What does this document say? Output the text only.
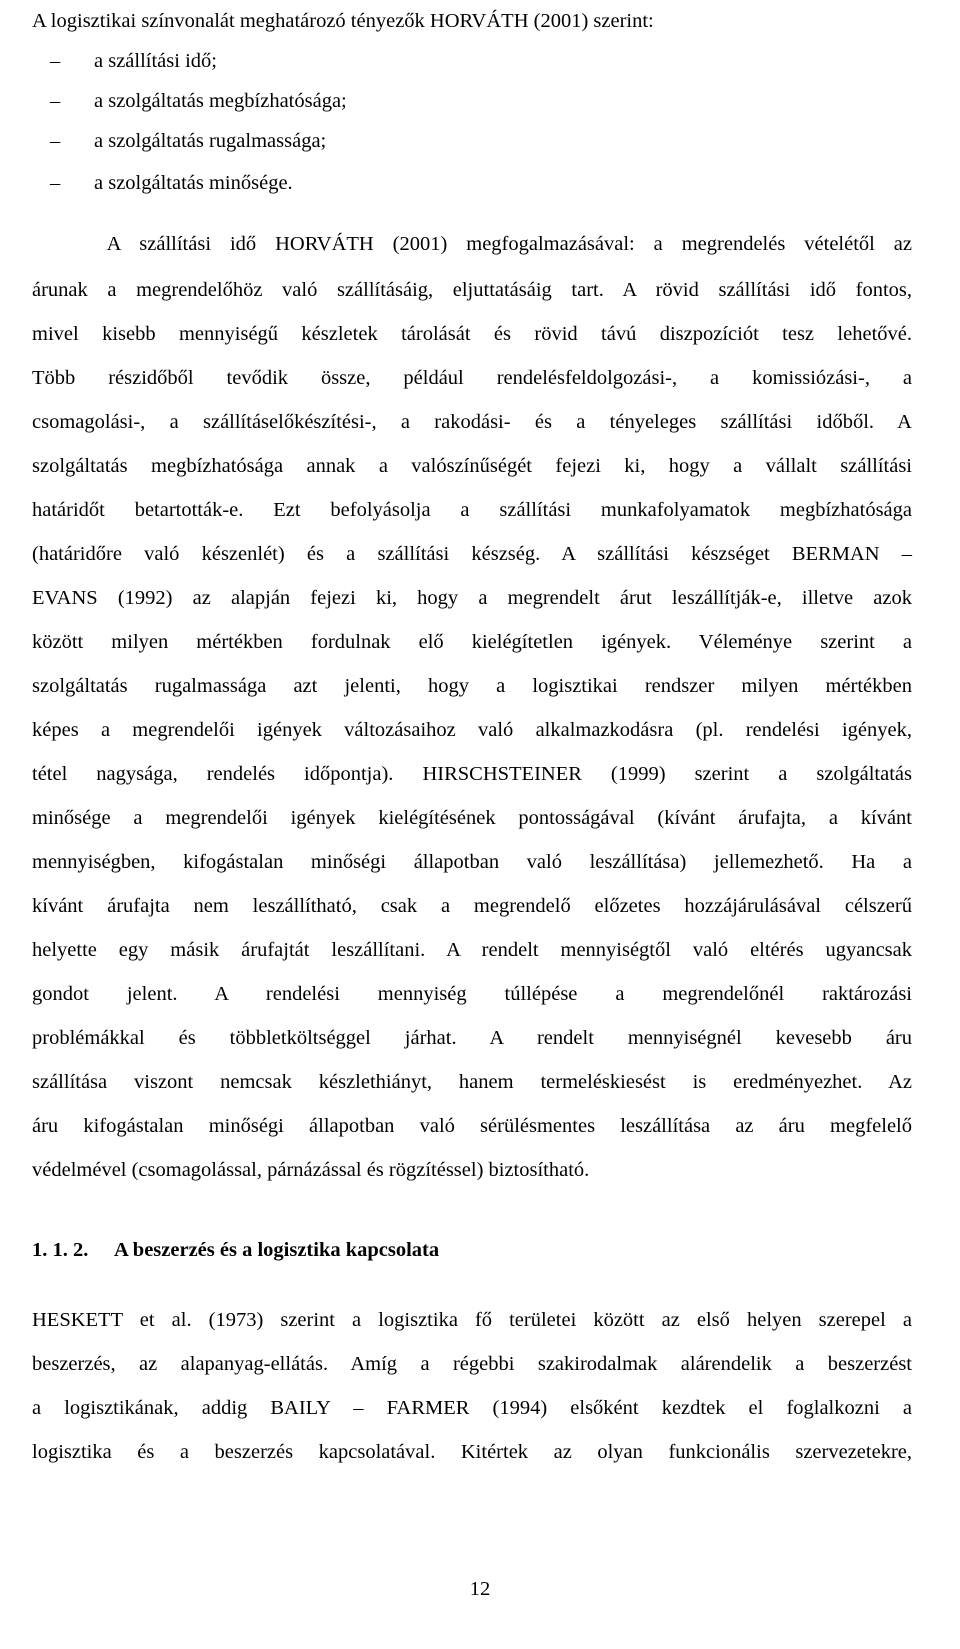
A logisztikai színvonalát meghatározó tényezők HORVÁTH (2001) szerint:
– a szállítási idő;
– a szolgáltatás megbízhatósága;
– a szolgáltatás rugalmassága;
– a szolgáltatás minősége.
A szállítási idő HORVÁTH (2001) megfogalmazásával: a megrendelés vételétől az
árunak a megrendelőhöz való szállításáig, eljuttatásáig tart. A rövid szállítási idő fontos,
mivel kisebb mennyiségű készletek tárolását és rövid távú diszpozíciót tesz lehetővé.
Több részidőből tevődik össze, például rendelésfeldolgozási-, a komissiózási-, a
csomagolási-, a szállításelőkészítési-, a rakodási- és a tényeleges szállítási időből. A
szolgáltatás megbízhatósága annak a valószínűségét fejezi ki, hogy a vállalt szállítási
határidőt betartották-e. Ezt befolyásolja a szállítási munkafolyamatok megbízhatósága
(határidőre való készenlét) és a szállítási készség. A szállítási készséget BERMAN –
EVANS (1992) az alapján fejezi ki, hogy a megrendelt árut leszállítják-e, illetve azok
között milyen mértékben fordulnak elő kielégítetlen igények. Véleménye szerint a
szolgáltatás rugalmassága azt jelenti, hogy a logisztikai rendszer milyen mértékben
képes a megrendelői igények változásaihoz való alkalmazkodásra (pl. rendelési igények,
tétel nagysága, rendelés időpontja). HIRSCHSTEINER (1999) szerint a szolgáltatás
minősége a megrendelői igények kielégítésének pontosságával (kívánt árufajta, a kívánt
mennyiségben, kifogástalan minőségi állapotban való leszállítása) jellemezhető. Ha a
kívánt árufajta nem leszállítható, csak a megrendelő előzetes hozzájárulásával célszerű
helyette egy másik árufajtát leszállítani. A rendelt mennyiségtől való eltérés ugyancsak
gondot jelent. A rendelési mennyiség túllépése a megrendelőnél raktározási
problémákkal és többletköltséggel járhat. A rendelt mennyiségnél kevesebb áru
szállítása viszont nemcsak készlethiányt, hanem termeléskiesést is eredményezhet. Az
áru kifogástalan minőségi állapotban való sérülésmentes leszállítása az áru megfelelő
védelmével (csomagolással, párnázással és rögzítéssel) biztosítható.
1. 1. 2. A beszerzés és a logisztika kapcsolata
HESKETT et al. (1973) szerint a logisztika fő területei között az első helyen szerepel a
beszerzés, az alapanyag-ellátás. Amíg a régebbi szakirodalmak alárendelik a beszerzést
a logisztikának, addig BAILY – FARMER (1994) elsőként kezdtek el foglalkozni a
logisztika és a beszerzés kapcsolatával. Kitértek az olyan funkcionális szervezetekre,
12
